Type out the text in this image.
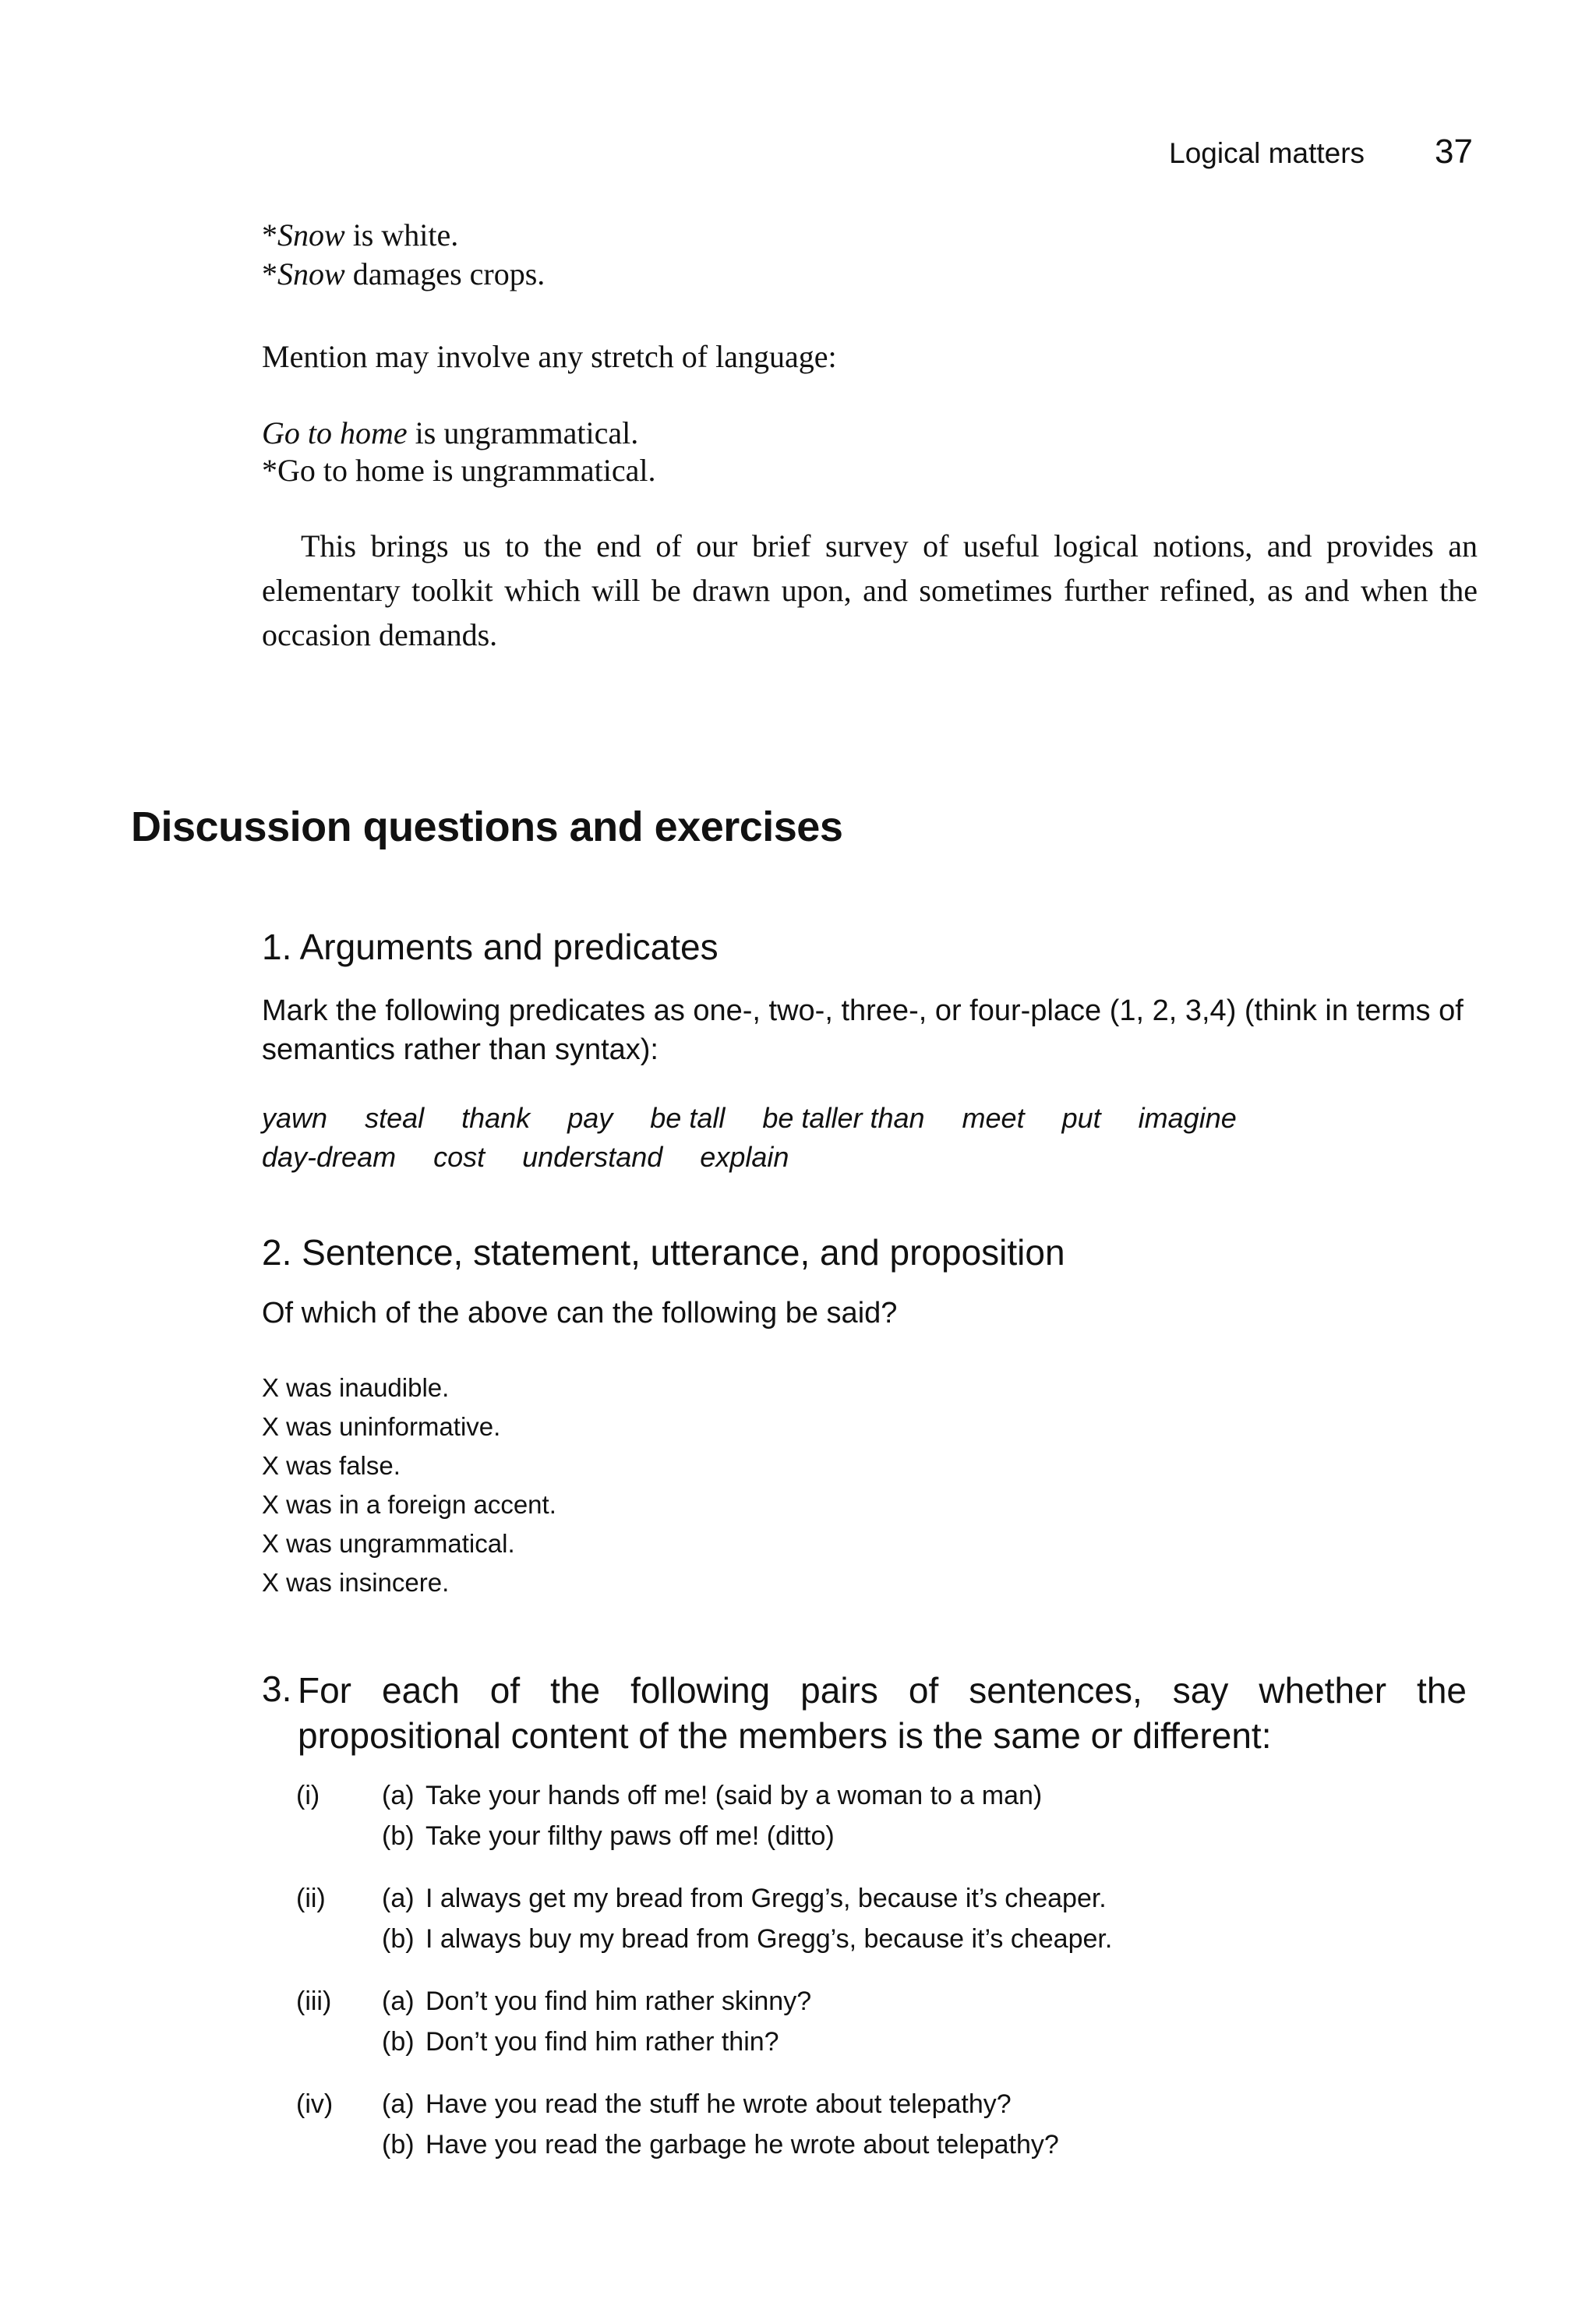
Logical matters 37
*Snow is white.
*Snow damages crops.
Mention may involve any stretch of language:
Go to home is ungrammatical.
*Go to home is ungrammatical.
This brings us to the end of our brief survey of useful logical notions, and provides an elementary toolkit which will be drawn upon, and sometimes further refined, as and when the occasion demands.
Discussion questions and exercises
1. Arguments and predicates
Mark the following predicates as one-, two-, three-, or four-place (1, 2, 3,4) (think in terms of semantics rather than syntax):
yawn steal thank pay be tall be taller than meet put imagine
day-dream cost understand explain
2. Sentence, statement, utterance, and proposition
Of which of the above can the following be said?
X was inaudible.
X was uninformative.
X was false.
X was in a foreign accent.
X was ungrammatical.
X was insincere.
3. For each of the following pairs of sentences, say whether the
propositional content of the members is the same or different:
(i)	(a) Take your hands off me! (said by a woman to a man)
(b) Take your filthy paws off me! (ditto)
(ii)	(a) I always get my bread from Gregg’s, because it’s cheaper.
(b) I always buy my bread from Gregg’s, because it’s cheaper.
(iii)	(a) Don’t you find him rather skinny?
(b) Don’t you find him rather thin?
(iv)	(a) Have you read the stuff he wrote about telepathy?
(b) Have you read the garbage he wrote about telepathy?
